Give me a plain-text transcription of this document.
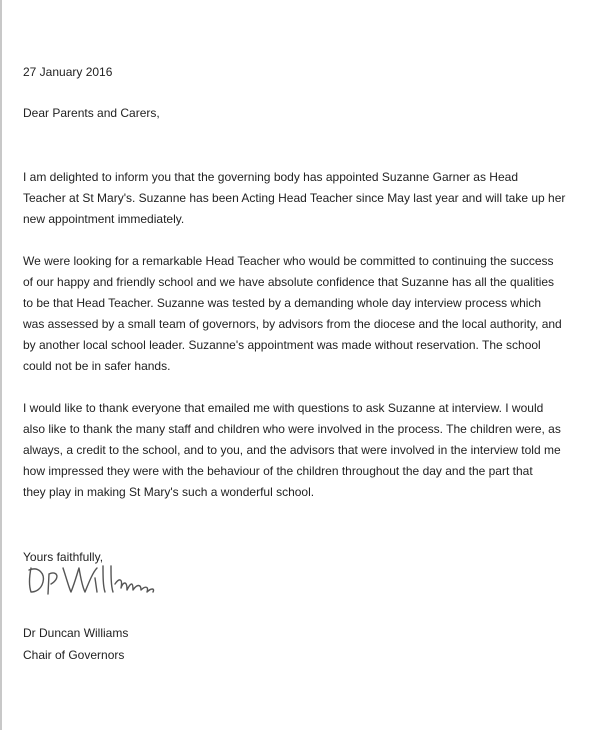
27 January 2016
Dear Parents and Carers,
I am delighted to inform you that the governing body has appointed Suzanne Garner as Head
Teacher at St Mary's. Suzanne has been Acting Head Teacher since May last year and will take up her
new appointment immediately.
We were looking for a remarkable Head Teacher who would be committed to continuing the success
of our happy and friendly school and we have absolute confidence that Suzanne has all the qualities
to be that Head Teacher. Suzanne was tested by a demanding whole day interview process which
was assessed by a small team of governors, by advisors from the diocese and the local authority, and
by another local school leader. Suzanne's appointment was made without reservation. The school
could not be in safer hands.
I would like to thank everyone that emailed me with questions to ask Suzanne at interview. I would
also like to thank the many staff and children who were involved in the process. The children were, as
always, a credit to the school, and to you, and the advisors that were involved in the interview told me
how impressed they were with the behaviour of the children throughout the day and the part that
they play in making St Mary's such a wonderful school.
Yours faithfully,
Dr Duncan Williams
Chair of Governors
